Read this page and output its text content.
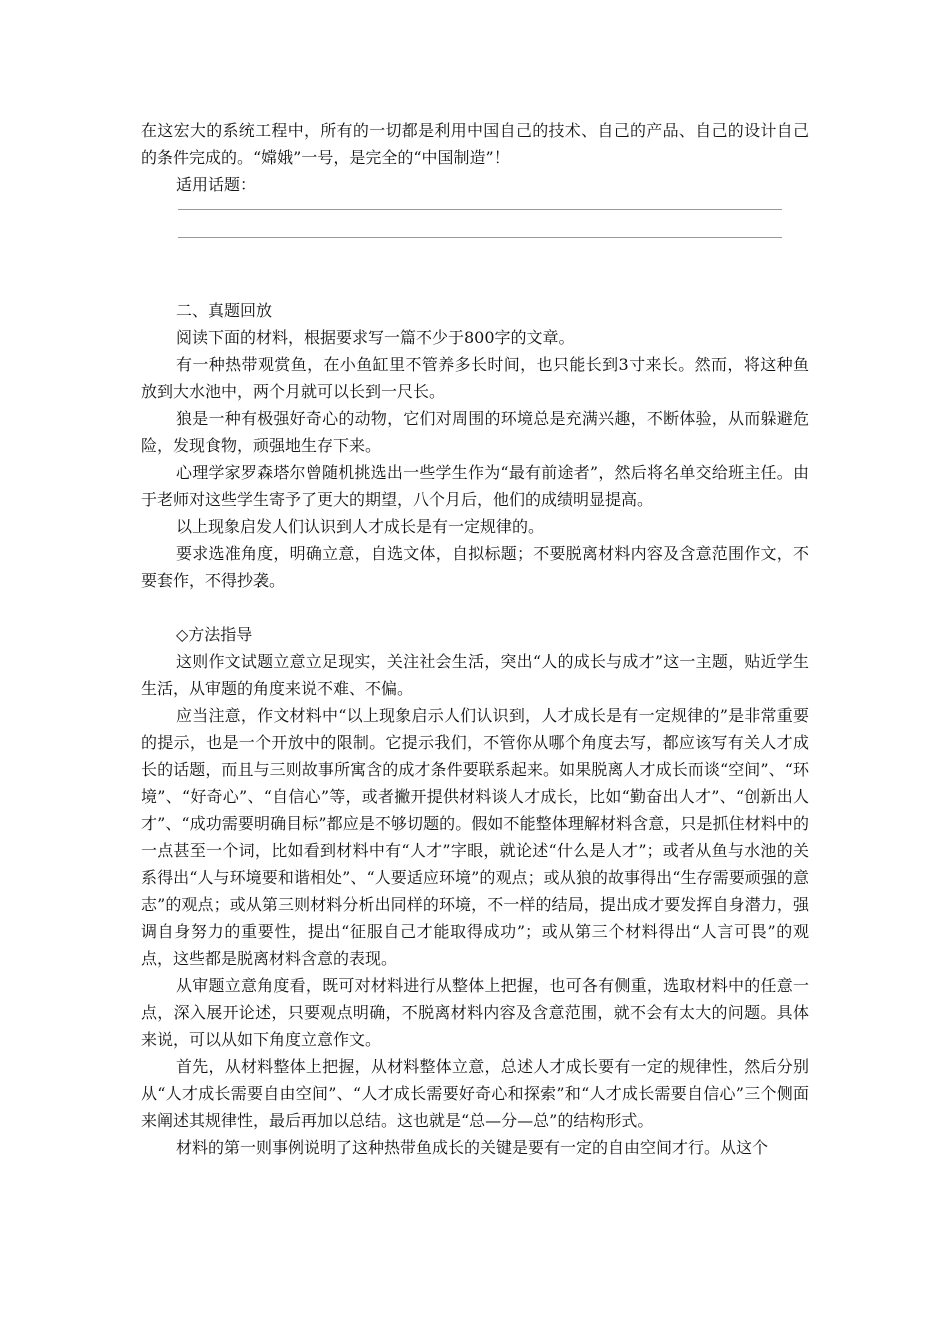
在这宏大的系统工程中，所有的一切都是利用中国自己的技术、自己的产品、自己的设计自己的条件完成的。“嫦娥”一号，是完全的“中国制造”！

适用话题：

二、真题回放

阅读下面的材料，根据要求写一篇不少于800字的文章。

有一种热带观赏鱼，在小鱼缸里不管养多长时间，也只能长到3寸来长。然而，将这种鱼放到大水池中，两个月就可以长到一尺长。

狼是一种有极强好奇心的动物，它们对周围的环境总是充满兴趣，不断体验，从而躲避危险，发现食物，顽强地生存下来。

心理学家罗森塔尔曾随机挑选出一些学生作为“最有前途者”，然后将名单交给班主任。由于老师对这些学生寄予了更大的期望，八个月后，他们的成绩明显提高。

以上现象启发人们认识到人才成长是有一定规律的。

要求选准角度，明确立意，自选文体，自拟标题；不要脱离材料内容及含意范围作文，不要套作，不得抄袭。

◇方法指导

这则作文试题立意立足现实，关注社会生活，突出“人的成长与成才”这一主题，贴近学生生活，从审题的角度来说不难、不偏。

应当注意，作文材料中“以上现象启示人们认识到，人才成长是有一定规律的”是非常重要的提示，也是一个开放中的限制。它提示我们，不管你从哪个角度去写，都应该写有关人才成长的话题，而且与三则故事所寓含的成才条件要联系起来。如果脱离人才成长而谈“空间”、“环境”、“好奇心”、“自信心”等，或者撇开提供材料谈人才成长，比如“勤奋出人才”、“创新出人才”、“成功需要明确目标”都应是不够切题的。假如不能整体理解材料含意，只是抓住材料中的一点甚至一个词，比如看到材料中有“人才”字眼，就论述“什么是人才”；或者从鱼与水池的关系得出“人与环境要和谐相处”、“人要适应环境”的观点；或从狼的故事得出“生存需要顽强的意志”的观点；或从第三则材料分析出同样的环境，不一样的结局，提出成才要发挥自身潜力，强调自身努力的重要性，提出“征服自己才能取得成功”；或从第三个材料得出“人言可畏”的观点，这些都是脱离材料含意的表现。

从审题立意角度看，既可对材料进行从整体上把握，也可各有侧重，选取材料中的任意一点，深入展开论述，只要观点明确，不脱离材料内容及含意范围，就不会有太大的问题。具体来说，可以从如下角度立意作文。

首先，从材料整体上把握，从材料整体立意，总述人才成长要有一定的规律性，然后分别从“人才成长需要自由空间”、“人才成长需要好奇心和探索”和“人才成长需要自信心”三个侧面来阐述其规律性，最后再加以总结。这也就是“总—分—总”的结构形式。

材料的第一则事例说明了这种热带鱼成长的关键是要有一定的自由空间才行。从这个
